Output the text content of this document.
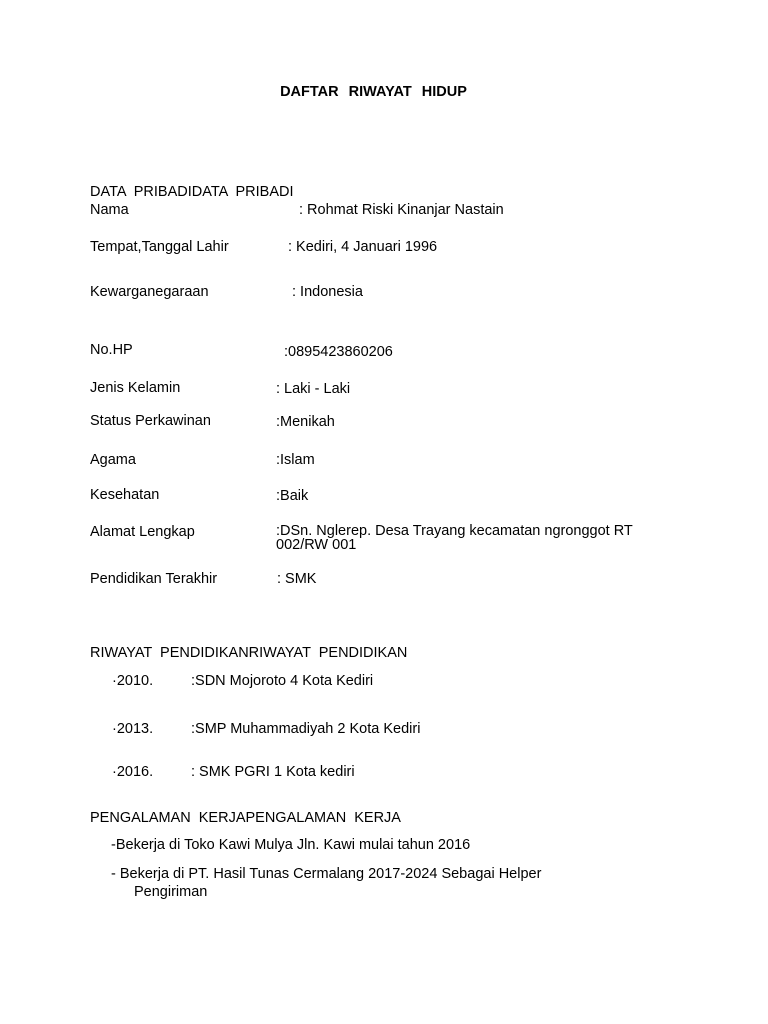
DAFTAR RIWAYAT HIDUP
DATA PRIBADIDATA PRIBADI
Nama	: Rohmat Riski Kinanjar Nastain
Tempat,Tanggal Lahir	: Kediri, 4 Januari 1996
Kewarganegaraan	: Indonesia
No.HP	:0895423860206
Jenis Kelamin	: Laki - Laki
Status Perkawinan	:Menikah
Agama	:Islam
Kesehatan	:Baik
Alamat Lengkap	:DSn. Nglerep. Desa Trayang kecamatan ngronggot RT 002/RW 001
Pendidikan Terakhir	: SMK
RIWAYAT PENDIDIKANRIWAYAT PENDIDIKAN
·2010.	:SDN Mojoroto 4 Kota Kediri
·2013.	:SMP Muhammadiyah 2 Kota Kediri
·2016.	: SMK PGRI 1 Kota kediri
PENGALAMAN KERJAPENGALAMAN KERJA
-Bekerja di Toko Kawi Mulya Jln. Kawi mulai tahun 2016
- Bekerja di PT. Hasil Tunas Cermalang 2017-2024 Sebagai Helper
Pengiriman
